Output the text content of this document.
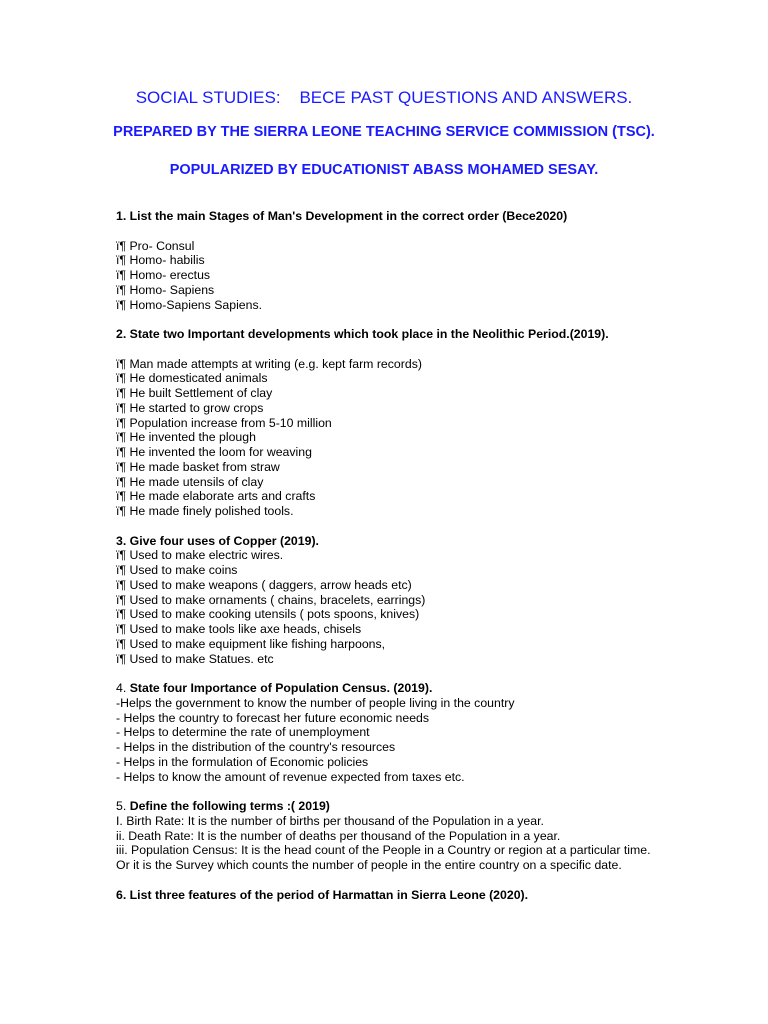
SOCIAL STUDIES:    BECE PAST QUESTIONS AND ANSWERS.
PREPARED BY THE SIERRA LEONE TEACHING SERVICE COMMISSION (TSC).
POPULARIZED BY EDUCATIONIST ABASS MOHAMED SESAY.
1. List the main Stages of Man's Development in the correct order (Bece2020)
ï¶ Pro- Consul
ï¶ Homo- habilis
ï¶ Homo- erectus
ï¶ Homo- Sapiens
ï¶ Homo-Sapiens Sapiens.
2. State two Important developments which took place in the Neolithic Period.(2019).
ï¶ Man made attempts at writing (e.g. kept farm records)
ï¶ He domesticated animals
ï¶ He built Settlement of clay
ï¶ He started to grow crops
ï¶ Population increase from 5-10 million
ï¶ He invented the plough
ï¶ He invented the loom for weaving
ï¶ He made basket from straw
ï¶ He made utensils of clay
ï¶ He made elaborate arts and crafts
ï¶ He made finely polished tools.
3. Give four uses of Copper (2019).
ï¶ Used to make electric wires.
ï¶ Used to make coins
ï¶ Used to make weapons ( daggers, arrow heads etc)
ï¶ Used to make ornaments ( chains, bracelets, earrings)
ï¶ Used to make cooking utensils ( pots spoons, knives)
ï¶ Used to make tools like axe heads, chisels
ï¶ Used to make equipment like fishing harpoons,
ï¶ Used to make Statues. etc
4. State four Importance of Population Census. (2019).
-Helps the government to know the number of people living in the country
- Helps the country to forecast her future economic needs
- Helps to determine the rate of unemployment
- Helps in the distribution of the country's resources
- Helps in the formulation of Economic policies
- Helps to know the amount of revenue expected from taxes etc.
5. Define the following terms :( 2019)
I. Birth Rate: It is the number of births per thousand of the Population in a year.
ii. Death Rate: It is the number of deaths per thousand of the Population in a year.
iii. Population Census: It is the head count of the People in a Country or region at a particular time.
Or it is the Survey which counts the number of people in the entire country on a specific date.
6. List three features of the period of Harmattan in Sierra Leone (2020).
